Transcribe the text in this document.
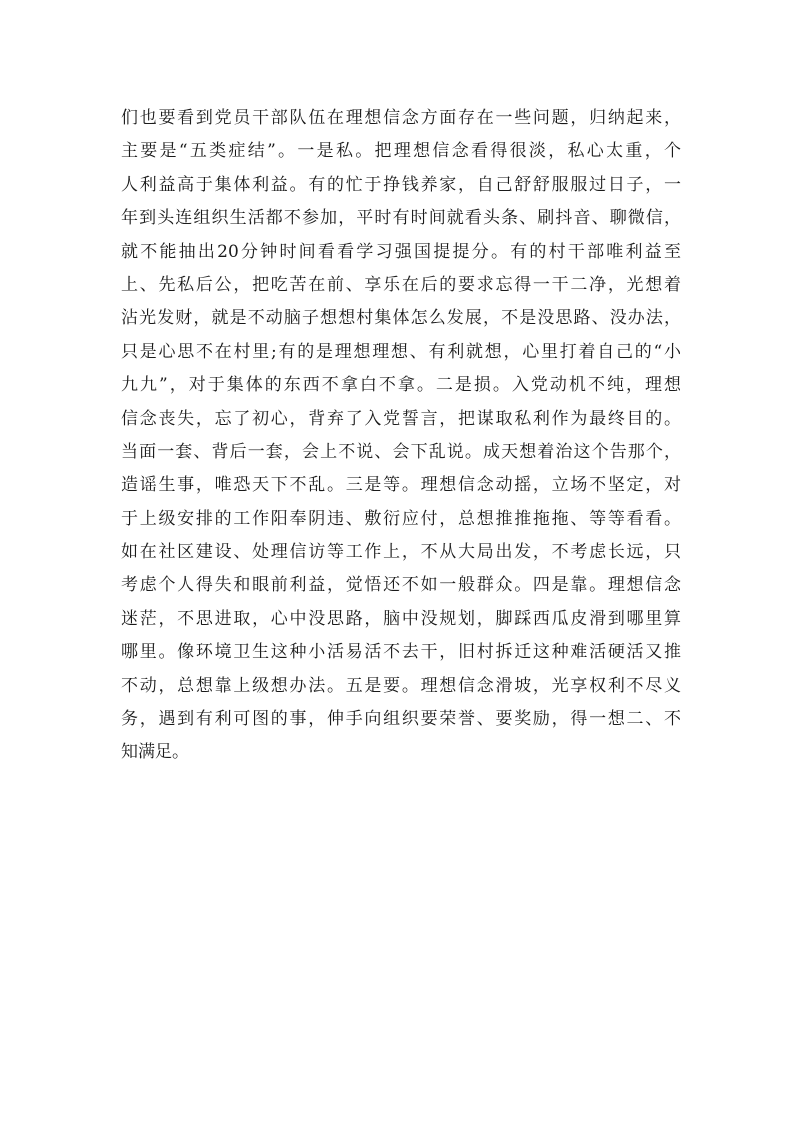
们也要看到党员干部队伍在理想信念方面存在一些问题，归纳起来，
主要是“五类症结”。一是私。把理想信念看得很淡，私心太重，个
人利益高于集体利益。有的忙于挣钱养家，自己舒舒服服过日子，一
年到头连组织生活都不参加，平时有时间就看头条、刷抖音、聊微信，
就不能抽出20分钟时间看看学习强国提提分。有的村干部唯利益至
上、先私后公，把吃苦在前、享乐在后的要求忘得一干二净，光想着
沾光发财，就是不动脑子想想村集体怎么发展，不是没思路、没办法，
只是心思不在村里;有的是理想理想、有利就想，心里打着自己的“小
九九”，对于集体的东西不拿白不拿。二是损。入党动机不纯，理想
信念丧失，忘了初心，背弃了入党誓言，把谋取私利作为最终目的。
当面一套、背后一套，会上不说、会下乱说。成天想着治这个告那个，
造谣生事，唯恐天下不乱。三是等。理想信念动摇，立场不坚定，对
于上级安排的工作阳奉阴违、敷衍应付，总想推推拖拖、等等看看。
如在社区建设、处理信访等工作上，不从大局出发，不考虑长远，只
考虑个人得失和眼前利益，觉悟还不如一般群众。四是靠。理想信念
迷茫，不思进取，心中没思路，脑中没规划，脚踩西瓜皮滑到哪里算
哪里。像环境卫生这种小活易活不去干，旧村拆迁这种难活硬活又推
不动，总想靠上级想办法。五是要。理想信念滑坡，光享权利不尽义
务，遇到有利可图的事，伸手向组织要荣誉、要奖励，得一想二、不
知满足。
